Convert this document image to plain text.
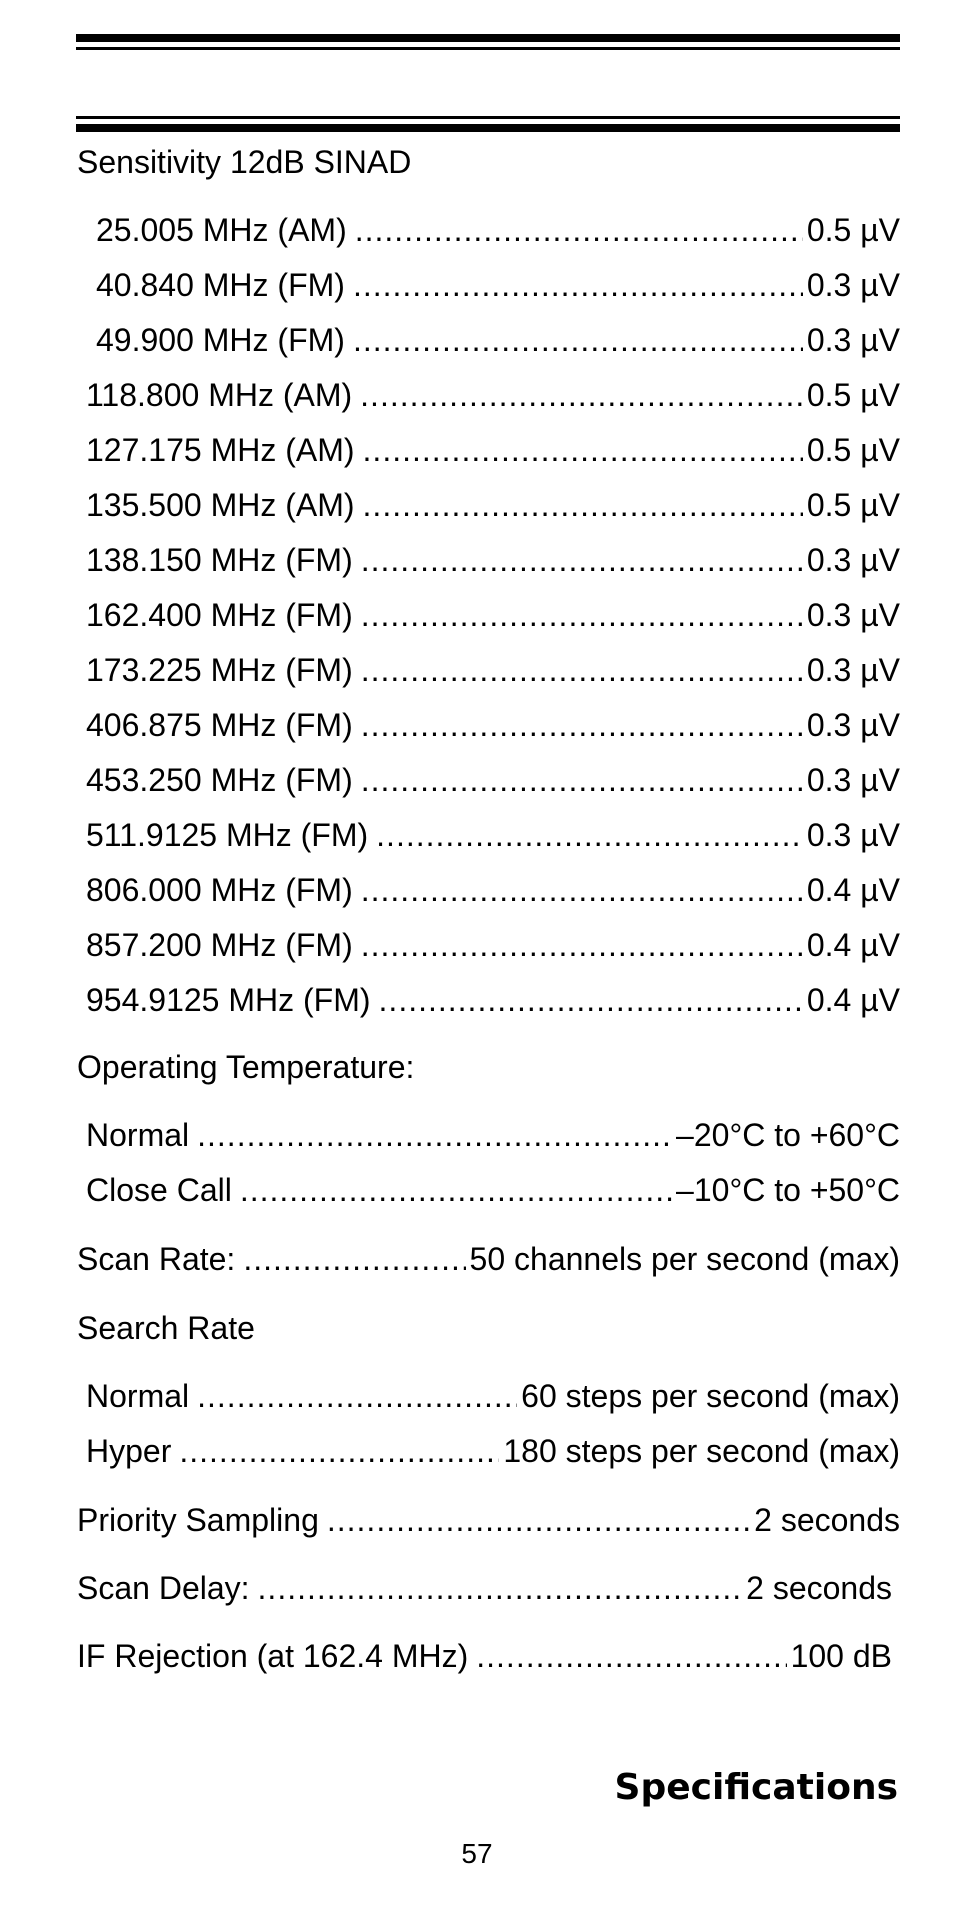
Sensitivity 12dB SINAD
25.005 MHz (AM) .....	0.5 µV
40.840 MHz (FM) .....	0.3 µV
49.900 MHz (FM) .....	0.3 µV
118.800 MHz (AM) .....	0.5 µV
127.175 MHz (AM) .....	0.5 µV
135.500 MHz (AM) .....	0.5 µV
138.150 MHz (FM) .....	0.3 µV
162.400 MHz (FM) .....	0.3 µV
173.225 MHz (FM) .....	0.3 µV
406.875 MHz (FM) .....	0.3 µV
453.250 MHz (FM) .....	0.3 µV
511.9125 MHz (FM) .....	0.3 µV
806.000 MHz (FM) .....	0.4 µV
857.200 MHz (FM) .....	0.4 µV
954.9125 MHz (FM) .....	0.4 µV
Operating Temperature:
Normal .....	–20°C to +60°C
Close Call .....	–10°C to +50°C
Scan Rate: .....	50 channels per second (max)
Search Rate
Normal .....	60 steps per second (max)
Hyper .....	180 steps per second (max)
Priority Sampling .....	2 seconds
Scan Delay: .....	2 seconds
IF Rejection (at 162.4 MHz) .....	100 dB
Specifications
57
